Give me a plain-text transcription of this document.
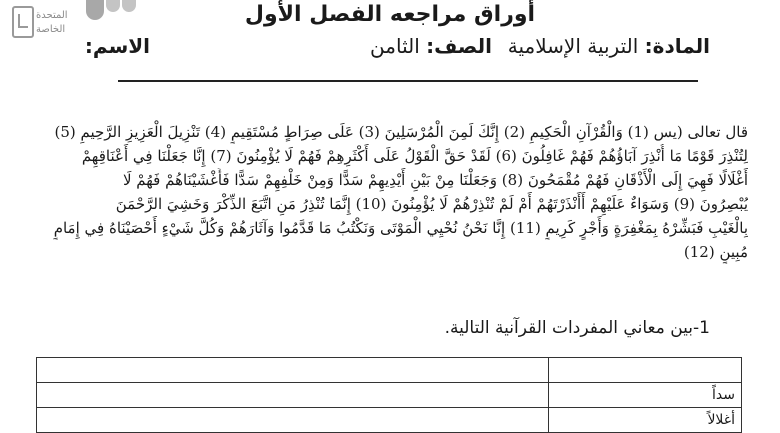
المتحدة
الخاصة
أوراق مراجعه الفصل الأول
المادة: التربية الإسلامية
الصف: الثامن
الاسم:
قال تعالى (يس (1) وَالْقُرْآنِ الْحَكِيمِ (2) إِنَّكَ لَمِنَ الْمُرْسَلِينَ (3) عَلَى صِرَاطٍ مُسْتَقِيمٍ (4) تَنْزِيلَ الْعَزِيزِ الرَّحِيمِ (5)
لِتُنْذِرَ قَوْمًا مَا أُنْذِرَ آبَاؤُهُمْ فَهُمْ غَافِلُونَ (6) لَقَدْ حَقَّ الْقَوْلُ عَلَى أَكْثَرِهِمْ فَهُمْ لَا يُؤْمِنُونَ (7) إِنَّا جَعَلْنَا فِي أَعْنَاقِهِمْ
أَغْلَالًا فَهِيَ إِلَى الْأَذْقَانِ فَهُمْ مُقْمَحُونَ (8) وَجَعَلْنَا مِنْ بَيْنِ أَيْدِيهِمْ سَدًّا وَمِنْ خَلْفِهِمْ سَدًّا فَأَغْشَيْنَاهُمْ فَهُمْ لَا
يُبْصِرُونَ (9) وَسَوَاءٌ عَلَيْهِمْ أَأَنْذَرْتَهُمْ أَمْ لَمْ تُنْذِرْهُمْ لَا يُؤْمِنُونَ (10) إِنَّمَا تُنْذِرُ مَنِ اتَّبَعَ الذِّكْرَ وَخَشِيَ الرَّحْمَنَ
بِالْغَيْبِ فَبَشِّرْهُ بِمَغْفِرَةٍ وَأَجْرٍ كَرِيمٍ (11) إِنَّا نَحْنُ نُحْيِي الْمَوْتَى وَنَكْتُبُ مَا قَدَّمُوا وَآثَارَهُمْ وَكُلَّ شَيْءٍ أَحْصَيْنَاهُ فِي إِمَامٍ
مُبِينٍ (12)
1-بين معاني المفردات القرآنية التالية.

	سداً
	أغلالاً
